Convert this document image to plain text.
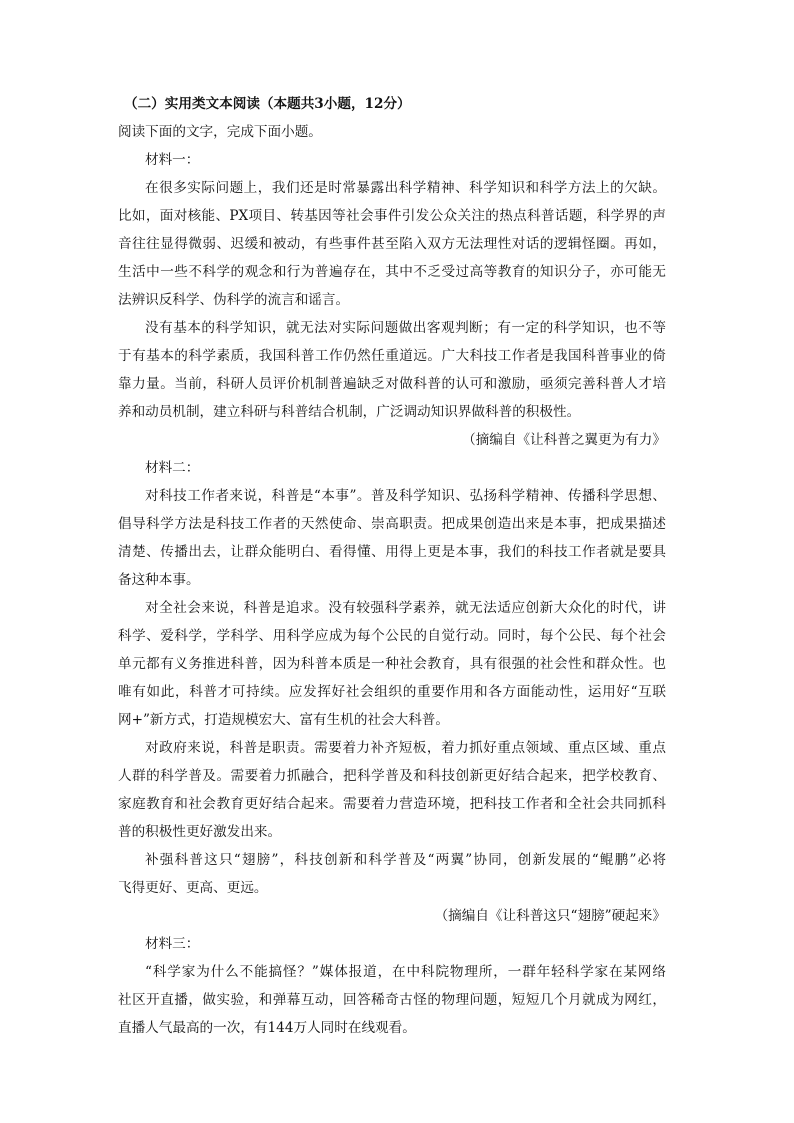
（二）实用类文本阅读（本题共3小题，12分）
阅读下面的文字，完成下面小题。
材料一：
在很多实际问题上，我们还是时常暴露出科学精神、科学知识和科学方法上的欠缺。
比如，面对核能、PX项目、转基因等社会事件引发公众关注的热点科普话题，科学界的声
音往往显得微弱、迟缓和被动，有些事件甚至陷入双方无法理性对话的逻辑怪圈。再如，
生活中一些不科学的观念和行为普遍存在，其中不乏受过高等教育的知识分子，亦可能无
法辨识反科学、伪科学的流言和谣言。
没有基本的科学知识，就无法对实际问题做出客观判断；有一定的科学知识，也不等
于有基本的科学素质，我国科普工作仍然任重道远。广大科技工作者是我国科普事业的倚
靠力量。当前，科研人员评价机制普遍缺乏对做科普的认可和激励，亟须完善科普人才培
养和动员机制，建立科研与科普结合机制，广泛调动知识界做科普的积极性。
（摘编自《让科普之翼更为有力》
材料二：
对科技工作者来说，科普是“本事”。普及科学知识、弘扬科学精神、传播科学思想、
倡导科学方法是科技工作者的天然使命、崇高职责。把成果创造出来是本事，把成果描述
清楚、传播出去，让群众能明白、看得懂、用得上更是本事，我们的科技工作者就是要具
备这种本事。
对全社会来说，科普是追求。没有较强科学素养，就无法适应创新大众化的时代，讲
科学、爱科学，学科学、用科学应成为每个公民的自觉行动。同时，每个公民、每个社会
单元都有义务推进科普，因为科普本质是一种社会教育，具有很强的社会性和群众性。也
唯有如此，科普才可持续。应发挥好社会组织的重要作用和各方面能动性，运用好“互联
网+”新方式，打造规模宏大、富有生机的社会大科普。
对政府来说，科普是职责。需要着力补齐短板，着力抓好重点领域、重点区域、重点
人群的科学普及。需要着力抓融合，把科学普及和科技创新更好结合起来，把学校教育、
家庭教育和社会教育更好结合起来。需要着力营造环境，把科技工作者和全社会共同抓科
普的积极性更好激发出来。
补强科普这只“翅膀”，科技创新和科学普及“两翼”协同，创新发展的“鲲鹏”必将
飞得更好、更高、更远。
（摘编自《让科普这只“翅膀”硬起来》
材料三：
“科学家为什么不能搞怪？”媒体报道，在中科院物理所，一群年轻科学家在某网络
社区开直播，做实验，和弹幕互动，回答稀奇古怪的物理问题，短短几个月就成为网红，
直播人气最高的一次，有144万人同时在线观看。
